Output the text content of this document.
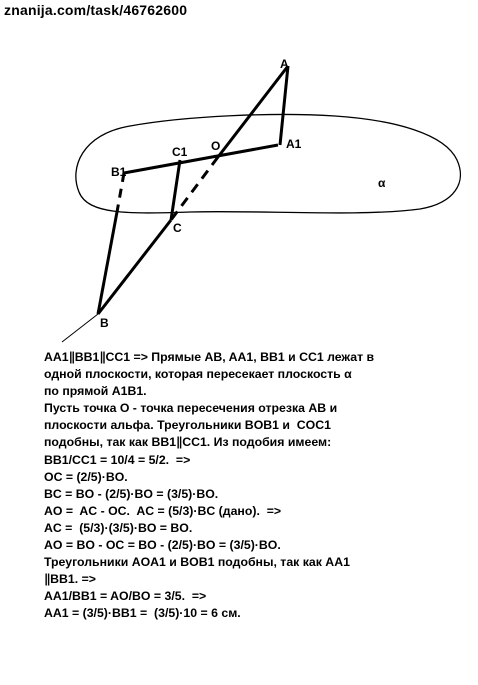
znanija.com/task/46762600
A
A1
O
C1
B1
C
B
α
AA1∥BB1∥CC1 => Прямые AB, AA1, BB1 и CC1 лежат в
одной плоскости, которая пересекает плоскость α
по прямой A1B1.
Пусть точка O - точка пересечения отрезка AB и
плоскости альфа. Треугольники BOB1 и  COC1
подобны, так как BB1∥CC1. Из подобия имеем:
BB1/CC1 = 10/4 = 5/2.  =>
OC = (2/5)·BO.
BC = BO - (2/5)·BO = (3/5)·BO.
AO =  AC - OC.  AC = (5/3)·BC (дано).  =>
AC =  (5/3)·(3/5)·BO = BO.
AO = BO - OC = BO - (2/5)·BO = (3/5)·BO.
Треугольники AOA1 и BOB1 подобны, так как AA1
∥BB1. =>
AA1/BB1 = AO/BO = 3/5.  =>
AA1 = (3/5)·BB1 =  (3/5)·10 = 6 см.
